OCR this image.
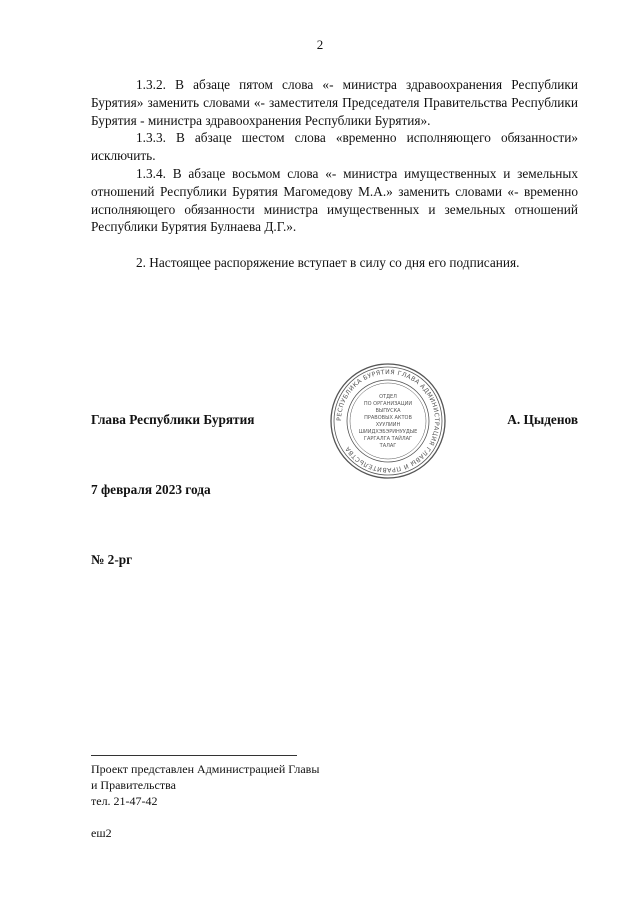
2

1.3.2. В абзаце пятом слова «- министра здравоохранения Республики Бурятия» заменить словами «- заместителя Председателя Правительства Республики Бурятия - министра здравоохранения Республики Бурятия».

1.3.3. В абзаце шестом слова «временно исполняющего обязанности» исключить.

1.3.4. В абзаце восьмом слова «- министра имущественных и земельных отношений Республики Бурятия Магомедову М.А.» заменить словами «- временно исполняющего обязанности министра имущественных и земельных отношений Республики Бурятия Булнаева Д.Г.».

2. Настоящее распоряжение вступает в силу со дня его подписания.

Глава Республики Бурятия	А. Цыденов
РЕСПУБЛИКА БУРЯТИЯ ГЛАВА АДМИНИСТРАЦИЯ ГЛАВЫ И ПРАВИТЕЛЬСТВА
ОТДЕЛ
ПО ОРГАНИЗАЦИИ
ВЫПУСКА
ПРАВОВЫХ АКТОВ
ХУУЛИИН
ШИИДХЭБЭРИНУУДЫЕ
ГАРГАЛГА ТАЙЛАГ
ТАЛАГ
7 февраля 2023 года
№ 2-рг
Проект представлен Администрацией Главы
и Правительства
тел. 21-47-42
еш2
